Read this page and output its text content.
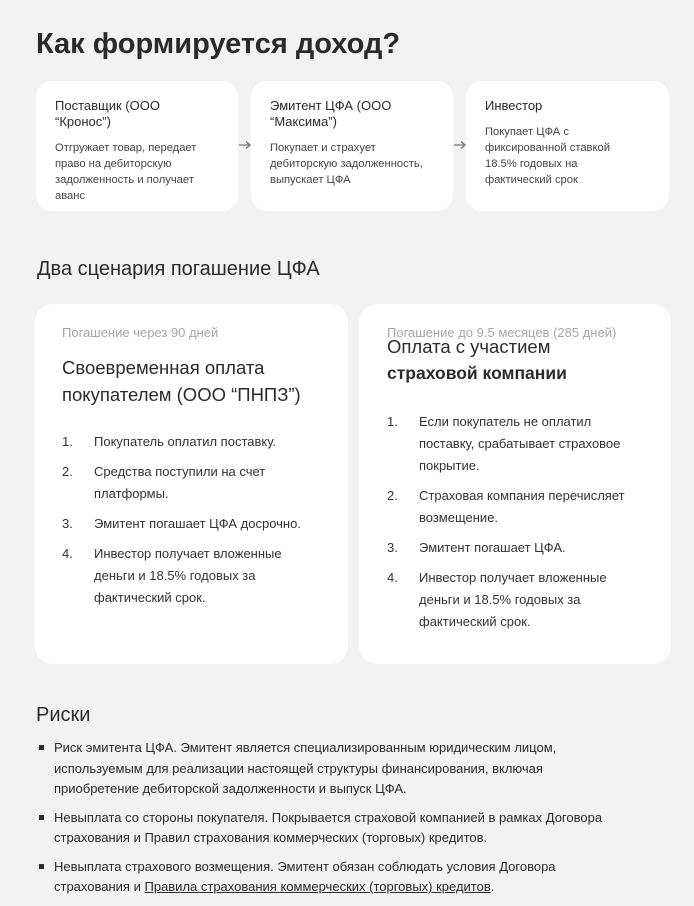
Как формируется доход?
Поставщик (ООО “Кронос”)
Отгружает товар, передает право на дебиторскую задолженность и получает аванс
Эмитент ЦФА (ООО “Максима”)
Покупает и страхует дебиторскую задолженность, выпускает ЦФА
Инвестор
Покупает ЦФА с фиксированной ставкой 18.5% годовых на фактический срок
Два сценария погашение ЦФА
Погашение через 90 дней
Своевременная оплата покупателем (ООО “ПНПЗ”)
1.	Покупатель оплатил поставку.
2.	Средства поступили на счет платформы.
3.	Эмитент погашает ЦФА досрочно.
4.	Инвестор получает вложенные деньги и 18.5% годовых за фактический срок.
Погашение до 9.5 месяцев (285 дней)
Оплата с участием
страховой компании
1.	Если покупатель не оплатил поставку, срабатывает страховое покрытие.
2.	Страховая компания перечисляет возмещение.
3.	Эмитент погашает ЦФА.
4.	Инвестор получает вложенные деньги и 18.5% годовых за фактический срок.
Риски
Риск эмитента ЦФА. Эмитент является специализированным юридическим лицом, используемым для реализации настоящей структуры финансирования, включая приобретение дебиторской задолженности и выпуск ЦФА.
Невыплата со стороны покупателя. Покрывается страховой компанией в рамках Договора страхования и Правил страхования коммерческих (торговых) кредитов.
Невыплата страхового возмещения. Эмитент обязан соблюдать условия Договора страхования и Правила страхования коммерческих (торговых) кредитов.
